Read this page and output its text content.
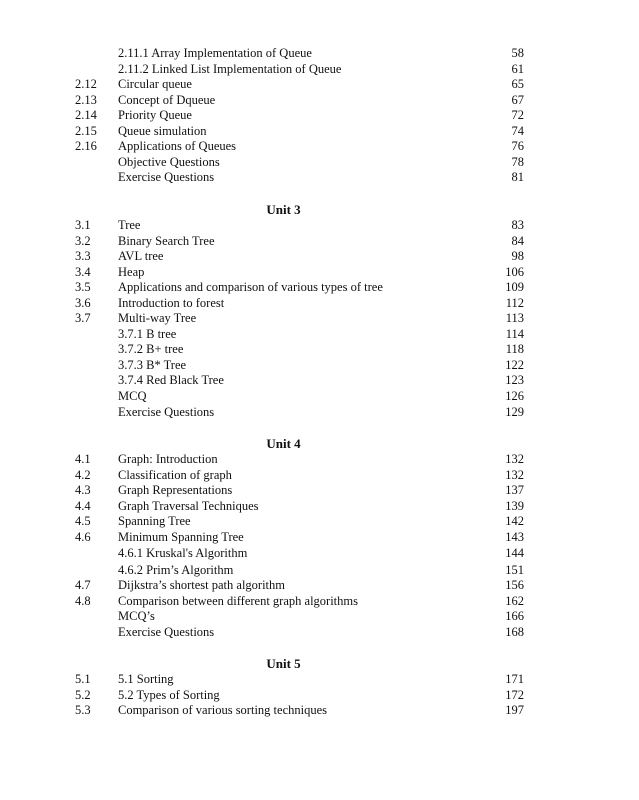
2.11.1 Array Implementation of Queue	58
2.11.2 Linked List Implementation of Queue	61
2.12 Circular queue	65
2.13 Concept of Dqueue	67
2.14 Priority Queue	72
2.15 Queue simulation	74
2.16 Applications of Queues	76
Objective Questions	78
Exercise Questions	81
Unit 3
3.1 Tree	83
3.2 Binary Search Tree	84
3.3 AVL tree	98
3.4 Heap	106
3.5 Applications and comparison of various types of tree	109
3.6 Introduction to forest	112
3.7 Multi-way Tree	113
3.7.1 B tree	114
3.7.2 B+ tree	118
3.7.3 B* Tree	122
3.7.4 Red Black Tree	123
MCQ	126
Exercise Questions	129
Unit 4
4.1 Graph: Introduction	132
4.2 Classification of graph	132
4.3 Graph Representations	137
4.4 Graph Traversal Techniques	139
4.5 Spanning Tree	142
4.6 Minimum Spanning Tree	143
4.6.1 Kruskal's Algorithm	144
4.6.2 Prim’s Algorithm	151
4.7 Dijkstra’s shortest path algorithm	156
4.8 Comparison between different graph algorithms	162
MCQ’s	166
Exercise Questions	168
Unit 5
5.1 5.1 Sorting	171
5.2 5.2 Types of Sorting	172
5.3 Comparison of various sorting techniques	197
